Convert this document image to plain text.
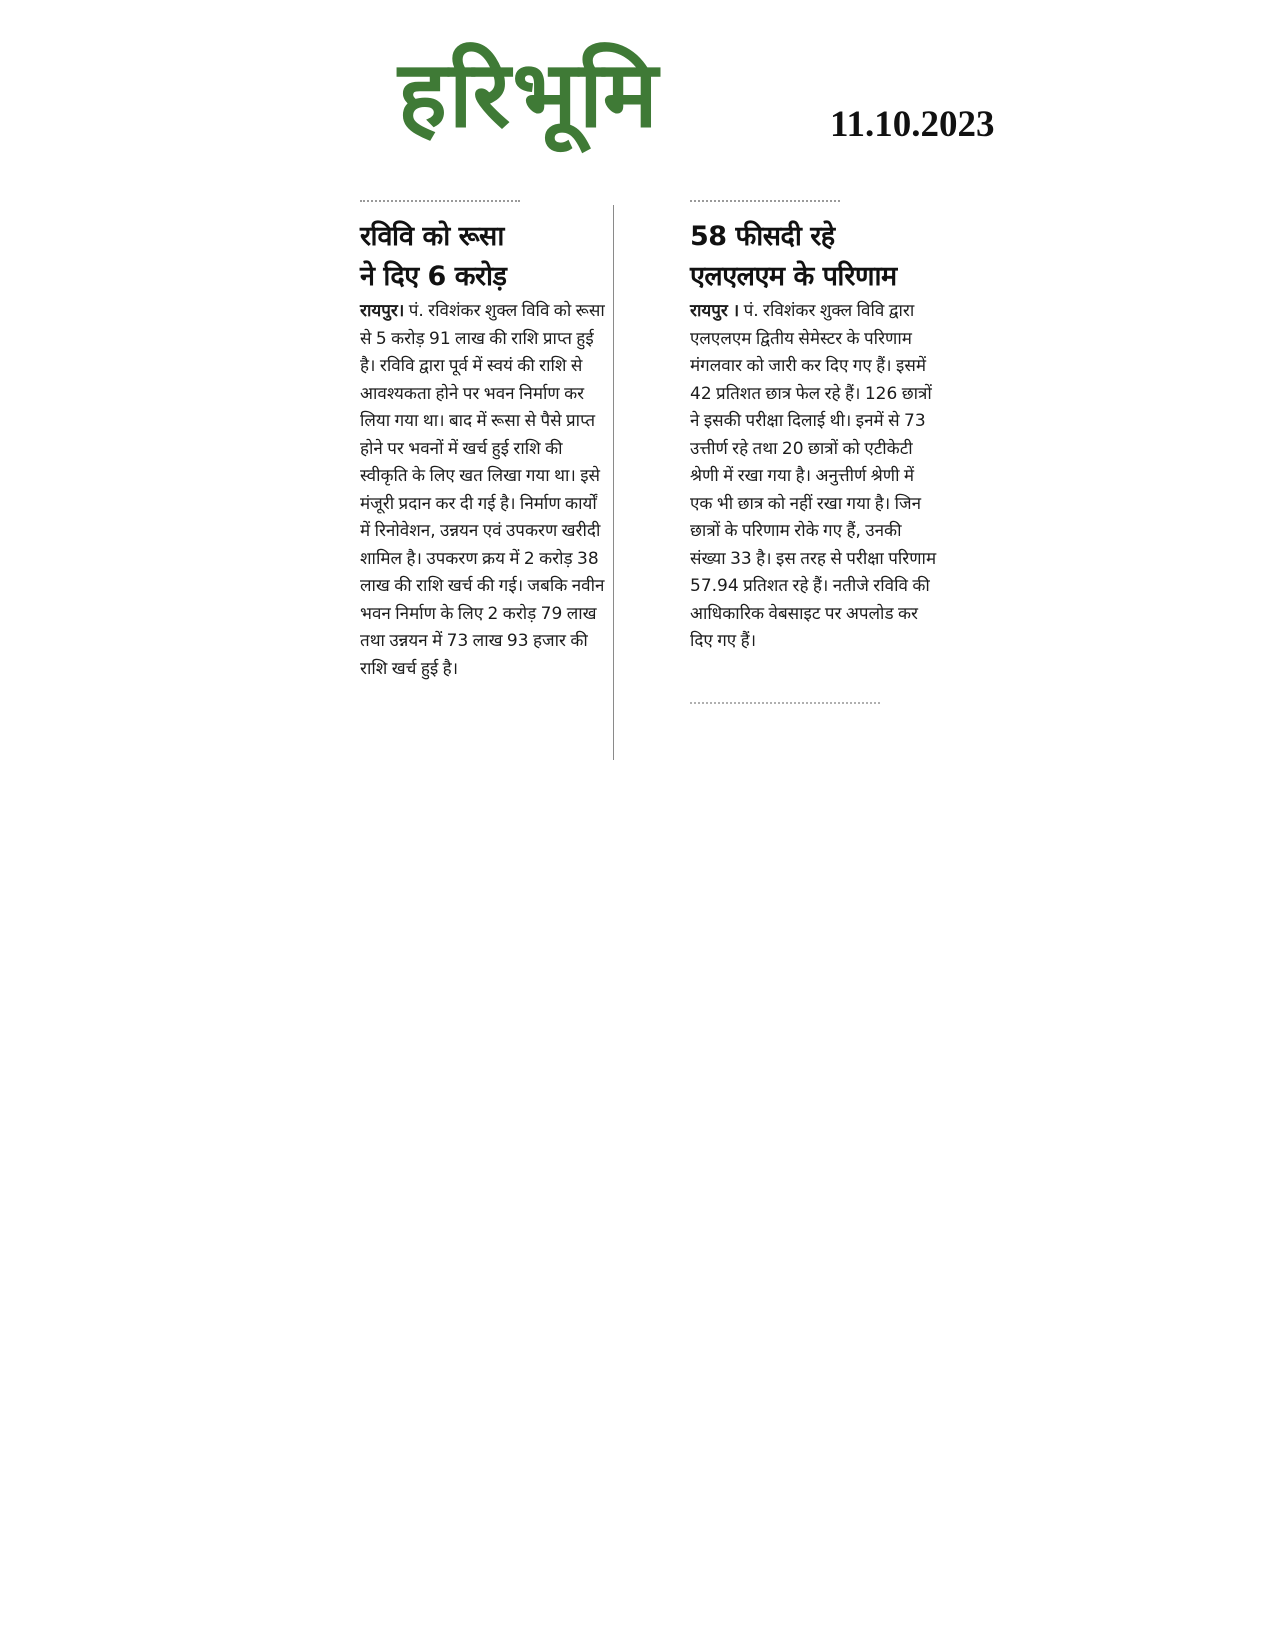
हरिभूमि	11.10.2023
रविवि को रूसा
ने दिए 6 करोड़

रायपुर। पं. रविशंकर शुक्ल विवि को रूसा से 5 करोड़ 91 लाख की राशि प्राप्त हुई है। रविवि द्वारा पूर्व में स्वयं की राशि से आवश्यकता होने पर भवन निर्माण कर लिया गया था। बाद में रूसा से पैसे प्राप्त होने पर भवनों में खर्च हुई राशि की स्वीकृति के लिए खत लिखा गया था। इसे मंजूरी प्रदान कर दी गई है। निर्माण कार्यों में रिनोवेशन, उन्नयन एवं उपकरण खरीदी शामिल है। उपकरण क्रय में 2 करोड़ 38 लाख की राशि खर्च की गई। जबकि नवीन भवन निर्माण के लिए 2 करोड़ 79 लाख तथा उन्नयन में 73 लाख 93 हजार की राशि खर्च हुई है।

58 फीसदी रहे
एलएलएम के परिणाम

रायपुर । पं. रविशंकर शुक्ल विवि द्वारा एलएलएम द्वितीय सेमेस्टर के परिणाम मंगलवार को जारी कर दिए गए हैं। इसमें 42 प्रतिशत छात्र फेल रहे हैं। 126 छात्रों ने इसकी परीक्षा दिलाई थी। इनमें से 73 उत्तीर्ण रहे तथा 20 छात्रों को एटीकेटी श्रेणी में रखा गया है। अनुत्तीर्ण श्रेणी में एक भी छात्र को नहीं रखा गया है। जिन छात्रों के परिणाम रोके गए हैं, उनकी संख्या 33 है। इस तरह से परीक्षा परिणाम 57.94 प्रतिशत रहे हैं। नतीजे रविवि की आधिकारिक वेबसाइट पर अपलोड कर दिए गए हैं।
